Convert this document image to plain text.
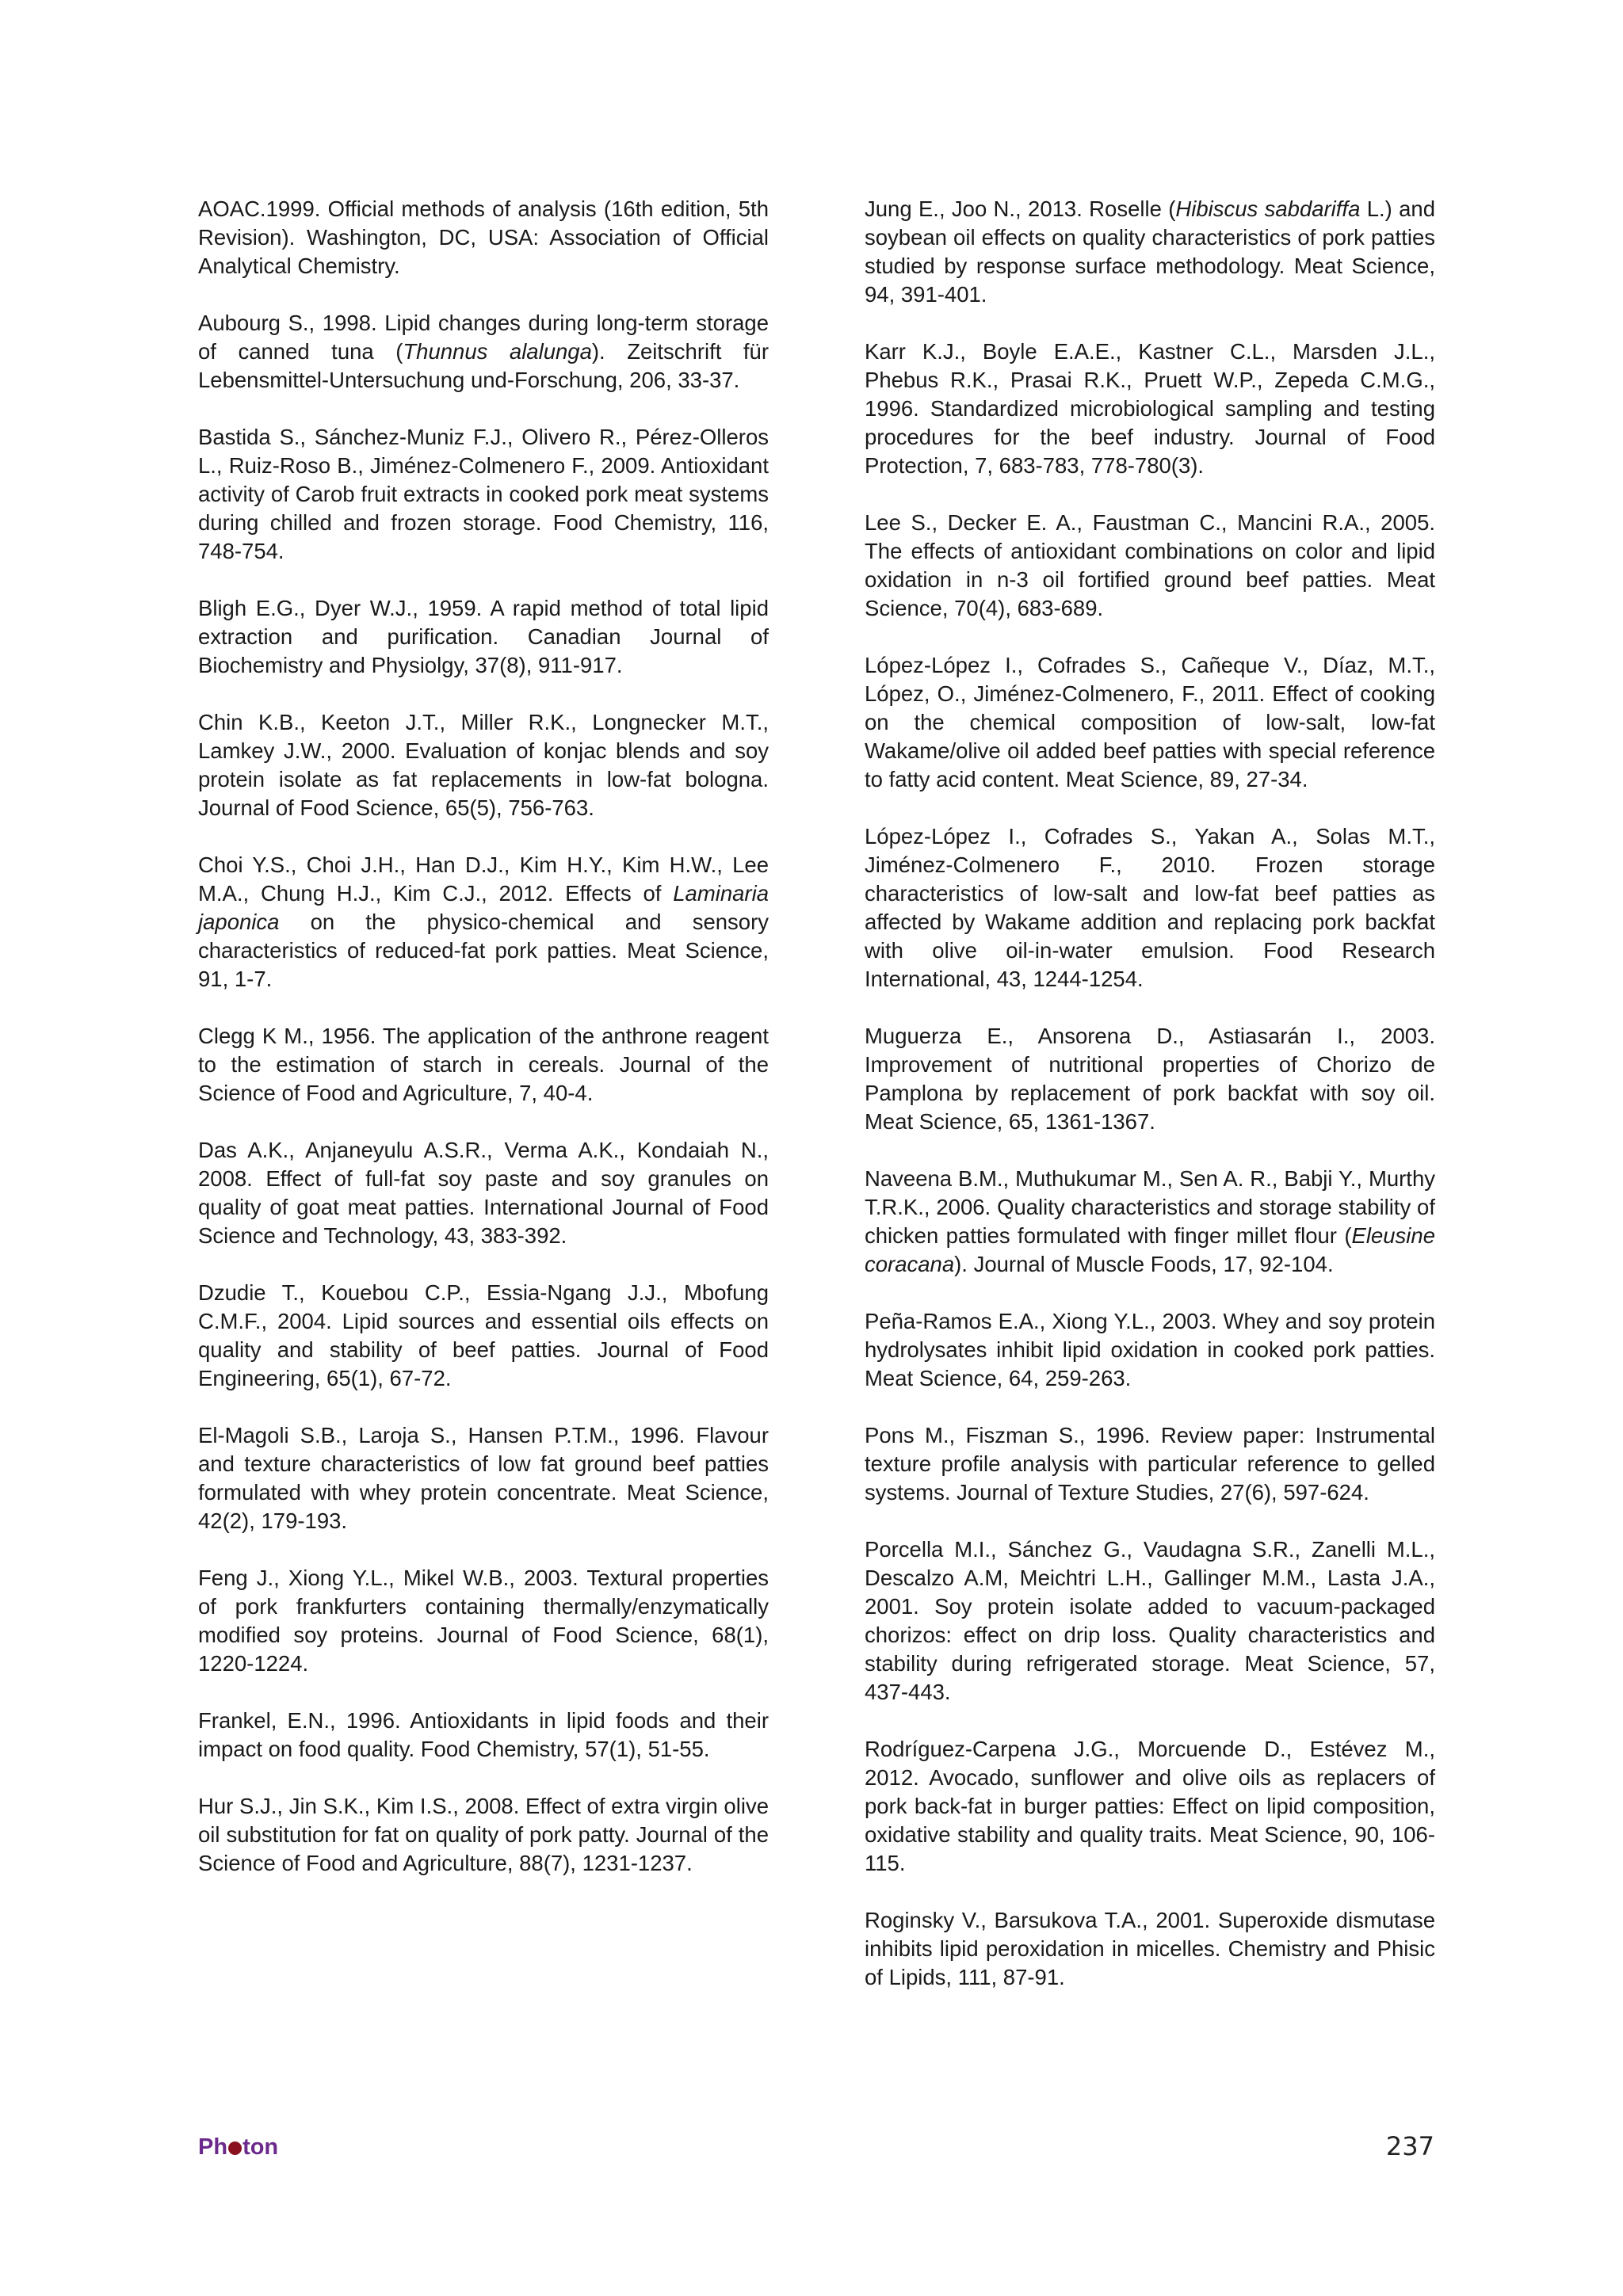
AOAC.1999. Official methods of analysis (16th edition, 5th Revision). Washington, DC, USA: Association of Official Analytical Chemistry.

Aubourg S., 1998. Lipid changes during long-term storage of canned tuna (Thunnus alalunga). Zeitschrift für Lebensmittel-Untersuchung und-Forschung, 206, 33-37.

Bastida S., Sánchez-Muniz F.J., Olivero R., Pérez-Olleros L., Ruiz-Roso B., Jiménez-Colmenero F., 2009. Antioxidant activity of Carob fruit extracts in cooked pork meat systems during chilled and frozen storage. Food Chemistry, 116, 748-754.

Bligh E.G., Dyer W.J., 1959. A rapid method of total lipid extraction and purification. Canadian Journal of Biochemistry and Physiolgy, 37(8), 911-917.

Chin K.B., Keeton J.T., Miller R.K., Longnecker M.T., Lamkey J.W., 2000. Evaluation of konjac blends and soy protein isolate as fat replacements in low-fat bologna. Journal of Food Science, 65(5), 756-763.

Choi Y.S., Choi J.H., Han D.J., Kim H.Y., Kim H.W., Lee M.A., Chung H.J., Kim C.J., 2012. Effects of Laminaria japonica on the physico-chemical and sensory characteristics of reduced-fat pork patties. Meat Science, 91, 1-7.

Clegg K M., 1956. The application of the anthrone reagent to the estimation of starch in cereals. Journal of the Science of Food and Agriculture, 7, 40-4.

Das A.K., Anjaneyulu A.S.R., Verma A.K., Kondaiah N., 2008. Effect of full-fat soy paste and soy granules on quality of goat meat patties. International Journal of Food Science and Technology, 43, 383-392.

Dzudie T., Kouebou C.P., Essia-Ngang J.J., Mbofung C.M.F., 2004. Lipid sources and essential oils effects on quality and stability of beef patties. Journal of Food Engineering, 65(1), 67-72.

El-Magoli S.B., Laroja S., Hansen P.T.M., 1996. Flavour and texture characteristics of low fat ground beef patties formulated with whey protein concentrate. Meat Science, 42(2), 179-193.

Feng J., Xiong Y.L., Mikel W.B., 2003. Textural properties of pork frankfurters containing thermally/enzymatically modified soy proteins. Journal of Food Science, 68(1), 1220-1224.

Frankel, E.N., 1996. Antioxidants in lipid foods and their impact on food quality. Food Chemistry, 57(1), 51-55.

Hur S.J., Jin S.K., Kim I.S., 2008. Effect of extra virgin olive oil substitution for fat on quality of pork patty. Journal of the Science of Food and Agriculture, 88(7), 1231-1237.

Jung E., Joo N., 2013. Roselle (Hibiscus sabdariffa L.) and soybean oil effects on quality characteristics of pork patties studied by response surface methodology. Meat Science, 94, 391-401.

Karr K.J., Boyle E.A.E., Kastner C.L., Marsden J.L., Phebus R.K., Prasai R.K., Pruett W.P., Zepeda C.M.G., 1996. Standardized microbiological sampling and testing procedures for the beef industry. Journal of Food Protection, 7, 683-783, 778-780(3).

Lee S., Decker E. A., Faustman C., Mancini R.A., 2005. The effects of antioxidant combinations on color and lipid oxidation in n-3 oil fortified ground beef patties. Meat Science, 70(4), 683-689.

López-López I., Cofrades S., Cañeque V., Díaz, M.T., López, O., Jiménez-Colmenero, F., 2011. Effect of cooking on the chemical composition of low-salt, low-fat Wakame/olive oil added beef patties with special reference to fatty acid content. Meat Science, 89, 27-34.

López-López I., Cofrades S., Yakan A., Solas M.T., Jiménez-Colmenero F., 2010. Frozen storage characteristics of low-salt and low-fat beef patties as affected by Wakame addition and replacing pork backfat with olive oil-in-water emulsion. Food Research International, 43, 1244-1254.

Muguerza E., Ansorena D., Astiasarán I., 2003. Improvement of nutritional properties of Chorizo de Pamplona by replacement of pork backfat with soy oil. Meat Science, 65, 1361-1367.

Naveena B.M., Muthukumar M., Sen A. R., Babji Y., Murthy T.R.K., 2006. Quality characteristics and storage stability of chicken patties formulated with finger millet flour (Eleusine coracana). Journal of Muscle Foods, 17, 92-104.

Peña-Ramos E.A., Xiong Y.L., 2003. Whey and soy protein hydrolysates inhibit lipid oxidation in cooked pork patties. Meat Science, 64, 259-263.

Pons M., Fiszman S., 1996. Review paper: Instrumental texture profile analysis with particular reference to gelled systems. Journal of Texture Studies, 27(6), 597-624.

Porcella M.I., Sánchez G., Vaudagna S.R., Zanelli M.L., Descalzo A.M, Meichtri L.H., Gallinger M.M., Lasta J.A., 2001. Soy protein isolate added to vacuum-packaged chorizos: effect on drip loss. Quality characteristics and stability during refrigerated storage. Meat Science, 57, 437-443.

Rodríguez-Carpena J.G., Morcuende D., Estévez M., 2012. Avocado, sunflower and olive oils as replacers of pork back-fat in burger patties: Effect on lipid composition, oxidative stability and quality traits. Meat Science, 90, 106-115.

Roginsky V., Barsukova T.A., 2001. Superoxide dismutase inhibits lipid peroxidation in micelles. Chemistry and Phisic of Lipids, 111, 87-91.

Ph ton	237
